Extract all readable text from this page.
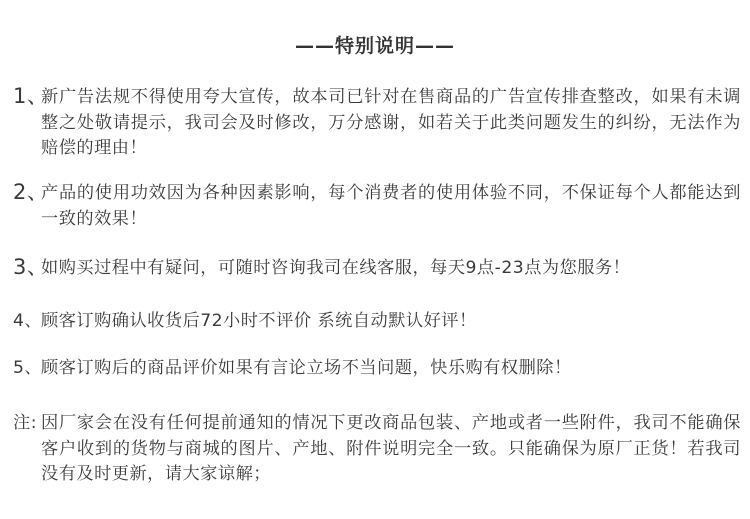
——特别说明——
1、
新广告法规不得使用夸大宣传，故本司已针对在售商品的广告宣传排查整改，如果有未调整之处敬请提示，我司会及时修改，万分感谢，如若关于此类问题发生的纠纷，无法作为赔偿的理由！
2、
产品的使用功效因为各种因素影响，每个消费者的使用体验不同，不保证每个人都能达到一致的效果！
3、
如购买过程中有疑问，可随时咨询我司在线客服，每天9点-23点为您服务！
4、
顾客订购确认收货后72小时不评价 系统自动默认好评！
5、
顾客订购后的商品评价如果有言论立场不当问题，快乐购有权删除！
注: 因厂家会在没有任何提前通知的情况下更改商品包装、产地或者一些附件，我司不能确保客户收到的货物与商城的图片、产地、附件说明完全一致。只能确保为原厂正货！若我司没有及时更新，请大家谅解；
